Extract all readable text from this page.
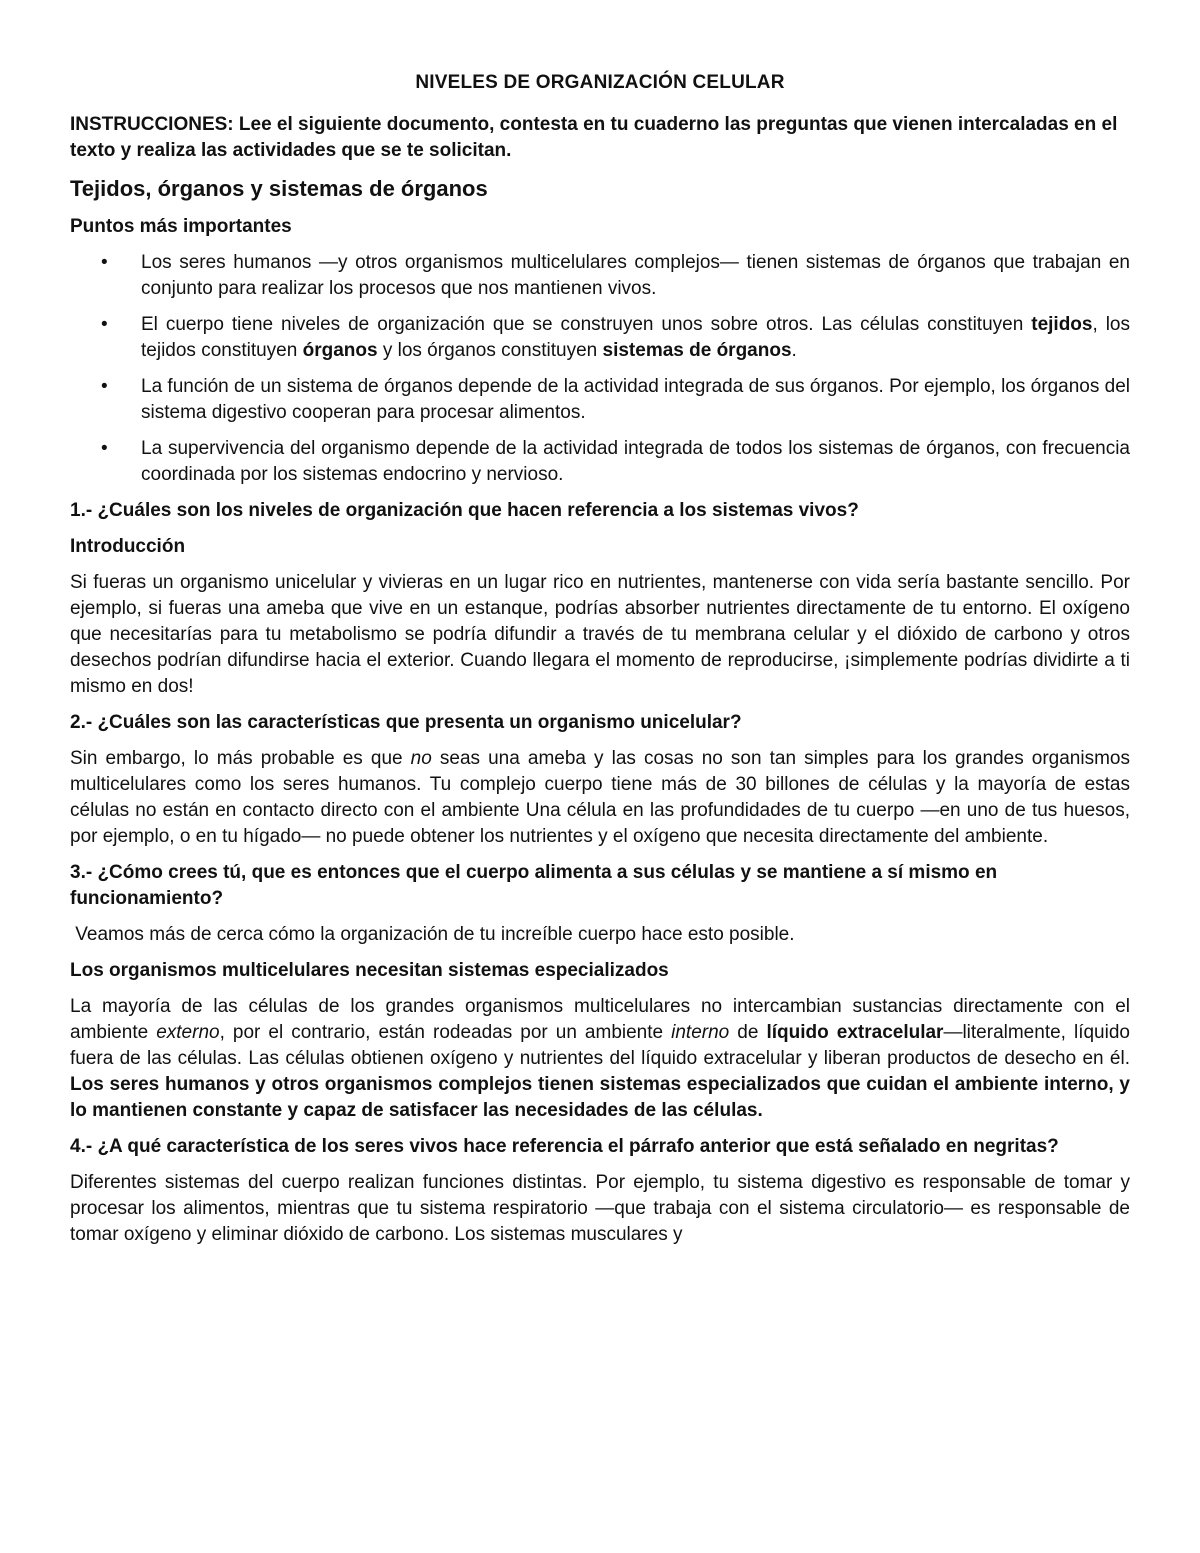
NIVELES DE ORGANIZACIÓN CELULAR

INSTRUCCIONES: Lee el siguiente documento, contesta en tu cuaderno las preguntas que vienen intercaladas en el texto y realiza las actividades que se te solicitan.

Tejidos, órganos y sistemas de órganos

Puntos más importantes

• Los seres humanos —y otros organismos multicelulares complejos— tienen sistemas de órganos que trabajan en conjunto para realizar los procesos que nos mantienen vivos.
• El cuerpo tiene niveles de organización que se construyen unos sobre otros. Las células constituyen tejidos, los tejidos constituyen órganos y los órganos constituyen sistemas de órganos.
• La función de un sistema de órganos depende de la actividad integrada de sus órganos. Por ejemplo, los órganos del sistema digestivo cooperan para procesar alimentos.
• La supervivencia del organismo depende de la actividad integrada de todos los sistemas de órganos, con frecuencia coordinada por los sistemas endocrino y nervioso.

1.- ¿Cuáles son los niveles de organización que hacen referencia a los sistemas vivos?

Introducción

Si fueras un organismo unicelular y vivieras en un lugar rico en nutrientes, mantenerse con vida sería bastante sencillo. Por ejemplo, si fueras una ameba que vive en un estanque, podrías absorber nutrientes directamente de tu entorno. El oxígeno que necesitarías para tu metabolismo se podría difundir a través de tu membrana celular y el dióxido de carbono y otros desechos podrían difundirse hacia el exterior. Cuando llegara el momento de reproducirse, ¡simplemente podrías dividirte a ti mismo en dos!

2.- ¿Cuáles son las características que presenta un organismo unicelular?

Sin embargo, lo más probable es que no seas una ameba y las cosas no son tan simples para los grandes organismos multicelulares como los seres humanos. Tu complejo cuerpo tiene más de 30 billones de células y la mayoría de estas células no están en contacto directo con el ambiente Una célula en las profundidades de tu cuerpo —en uno de tus huesos, por ejemplo, o en tu hígado— no puede obtener los nutrientes y el oxígeno que necesita directamente del ambiente.

3.- ¿Cómo crees tú, que es entonces que el cuerpo alimenta a sus células y se mantiene a sí mismo en funcionamiento?

Veamos más de cerca cómo la organización de tu increíble cuerpo hace esto posible.

Los organismos multicelulares necesitan sistemas especializados

La mayoría de las células de los grandes organismos multicelulares no intercambian sustancias directamente con el ambiente externo, por el contrario, están rodeadas por un ambiente interno de líquido extracelular—literalmente, líquido fuera de las células. Las células obtienen oxígeno y nutrientes del líquido extracelular y liberan productos de desecho en él. Los seres humanos y otros organismos complejos tienen sistemas especializados que cuidan el ambiente interno, y lo mantienen constante y capaz de satisfacer las necesidades de las células.

4.- ¿A qué característica de los seres vivos hace referencia el párrafo anterior que está señalado en negritas?

Diferentes sistemas del cuerpo realizan funciones distintas. Por ejemplo, tu sistema digestivo es responsable de tomar y procesar los alimentos, mientras que tu sistema respiratorio —que trabaja con el sistema circulatorio— es responsable de tomar oxígeno y eliminar dióxido de carbono. Los sistemas musculares y
